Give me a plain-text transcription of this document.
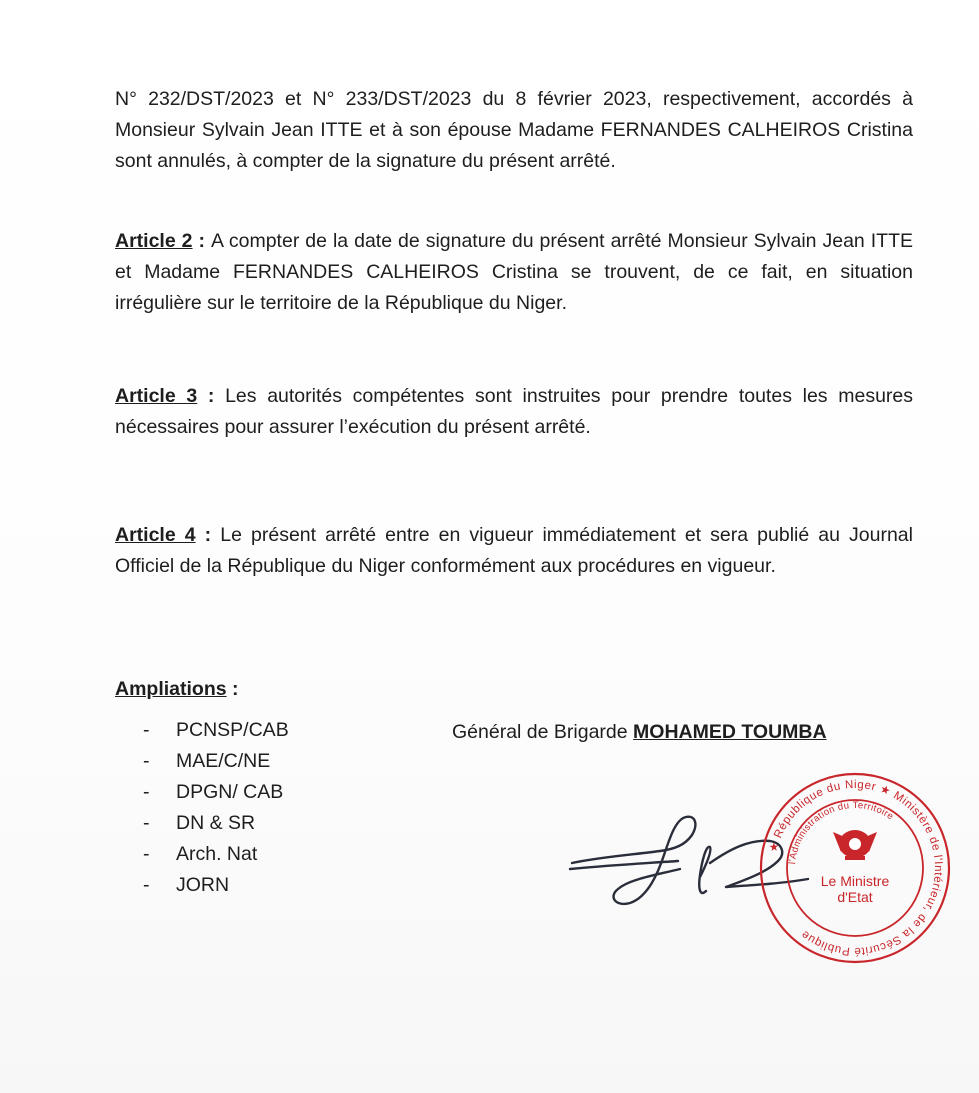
N° 232/DST/2023 et N° 233/DST/2023 du 8 février 2023, respectivement, accordés à Monsieur Sylvain Jean ITTE et à son épouse Madame FERNANDES CALHEIROS Cristina sont annulés, à compter de la signature du présent arrêté.

Article 2 : A compter de la date de signature du présent arrêté Monsieur Sylvain Jean ITTE et Madame FERNANDES CALHEIROS Cristina se trouvent, de ce fait, en situation irrégulière sur le territoire de la République du Niger.

Article 3 : Les autorités compétentes sont instruites pour prendre toutes les mesures nécessaires pour assurer l’exécution du présent arrêté.

Article 4 : Le présent arrêté entre en vigueur immédiatement et sera publié au Journal Officiel de la République du Niger conformément aux procédures en vigueur.

Ampliations :
-	PCNSP/CAB
-	MAE/C/NE
-	DPGN/ CAB
-	DN & SR
-	Arch. Nat
-	JORN
Général de Brigarde MOHAMED TOUMBA
★ République du Niger ★ Ministère de l'Intérieur, de la Sécurité Publique
l'Administration du Territoire
Le Ministre
d'Etat
